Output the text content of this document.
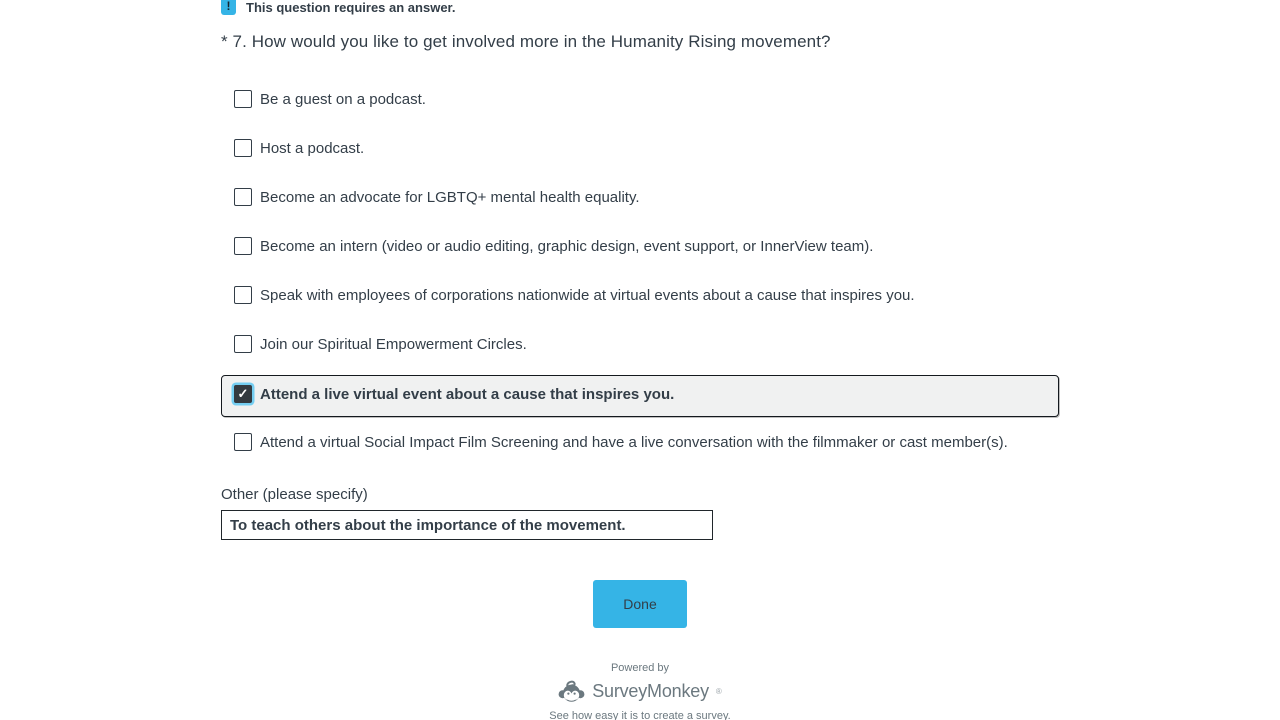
!	This question requires an answer.
* 7. How would you like to get involved more in the Humanity Rising movement?
Be a guest on a podcast.
Host a podcast.
Become an advocate for LGBTQ+ mental health equality.
Become an intern (video or audio editing, graphic design, event support, or InnerView team).
Speak with employees of corporations nationwide at virtual events about a cause that inspires you.
Join our Spiritual Empowerment Circles.
✓ Attend a live virtual event about a cause that inspires you.
Attend a virtual Social Impact Film Screening and have a live conversation with the filmmaker or cast member(s).
Other (please specify)
To teach others about the importance of the movement.
Done
Powered by
SurveyMonkey ®
See how easy it is to create a survey.
